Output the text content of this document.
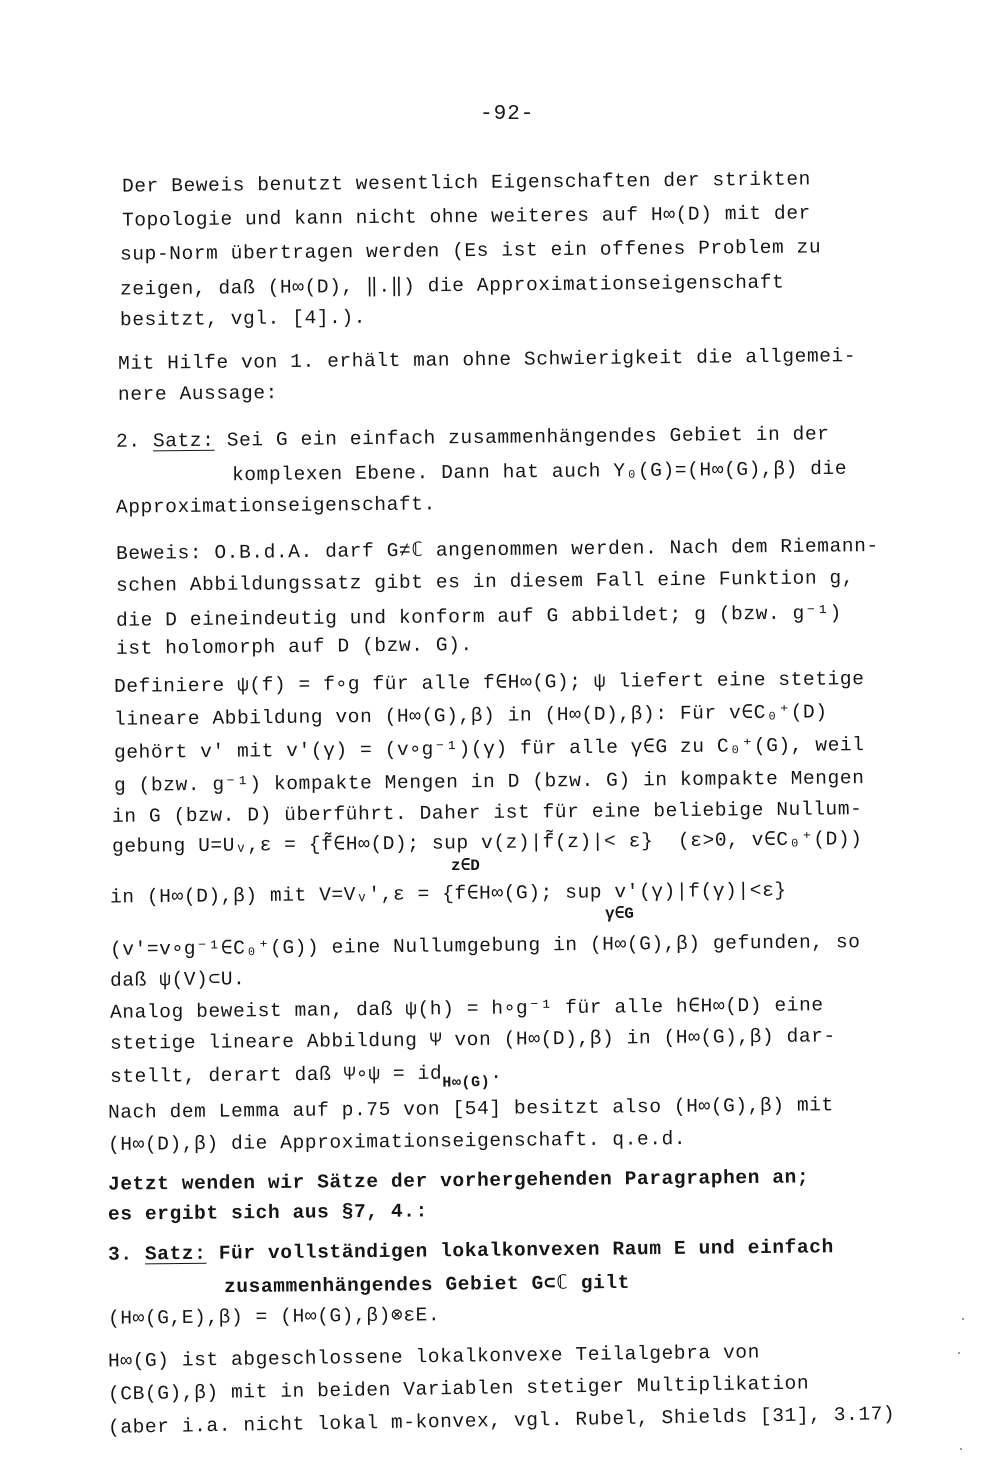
-92-
Der Beweis benutzt wesentlich Eigenschaften der strikten
Topologie und kann nicht ohne weiteres auf H∞(D) mit der
sup-Norm übertragen werden (Es ist ein offenes Problem zu
zeigen, daß (H∞(D), ‖.‖) die Approximationseigenschaft
besitzt, vgl. [4].).
Mit Hilfe von 1. erhält man ohne Schwierigkeit die allgemei-
nere Aussage:
2. Satz: Sei G ein einfach zusammenhängendes Gebiet in der
komplexen Ebene. Dann hat auch Y₀(G)=(H∞(G),β) die
Approximationseigenschaft.
Beweis: O.B.d.A. darf G≠ℂ angenommen werden. Nach dem Riemann-
schen Abbildungssatz gibt es in diesem Fall eine Funktion g,
die D eineindeutig und konform auf G abbildet; g (bzw. g⁻¹)
ist holomorph auf D (bzw. G).
Definiere ψ(f) = f∘g für alle f∈H∞(G); ψ liefert eine stetige
lineare Abbildung von (H∞(G),β) in (H∞(D),β): Für v∈C₀⁺(D)
gehört v' mit v'(γ) = (v∘g⁻¹)(γ) für alle γ∈G zu C₀⁺(G), weil
g (bzw. g⁻¹) kompakte Mengen in D (bzw. G) in kompakte Mengen
in G (bzw. D) überführt. Daher ist für eine beliebige Nullum-
gebung U=Uᵥ,ε = {f̃∈H∞(D); sup v(z)|f̃(z)|< ε}  (ε>0, v∈C₀⁺(D))
z∈D
in (H∞(D),β) mit V=Vᵥ',ε = {f∈H∞(G); sup v'(γ)|f(γ)|<ε}
γ∈G
(v'=v∘g⁻¹∈C₀⁺(G)) eine Nullumgebung in (H∞(G),β) gefunden, so
daß ψ(V)⊂U.
Analog beweist man, daß ψ(h) = h∘g⁻¹ für alle h∈H∞(D) eine
stetige lineare Abbildung Ψ von (H∞(D),β) in (H∞(G),β) dar-
stellt, derart daß Ψ∘ψ = $id_{H\infty(G)}$.
Nach dem Lemma auf p.75 von [54] besitzt also (H∞(G),β) mit
(H∞(D),β) die Approximationseigenschaft. q.e.d.
Jetzt wenden wir Sätze der vorhergehenden Paragraphen an;
es ergibt sich aus §7, 4.:
3. Satz: Für vollständigen lokalkonvexen Raum E und einfach
zusammenhängendes Gebiet G⊂ℂ gilt
(H∞(G,E),β) = (H∞(G),β)⊗εE.
H∞(G) ist abgeschlossene lokalkonvexe Teilalgebra von
(CB(G),β) mit in beiden Variablen stetiger Multiplikation
(aber i.a. nicht lokal m-konvex, vgl. Rubel, Shields [31], 3.17)
